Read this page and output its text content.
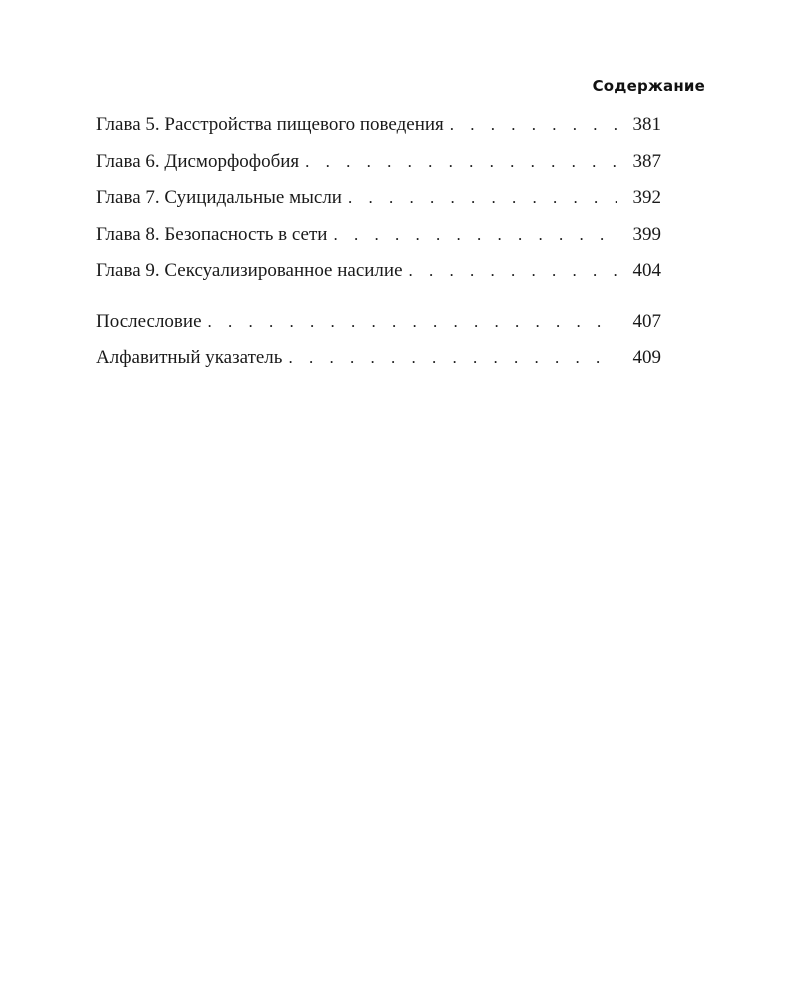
Содержание
Глава 5. Расстройства пищевого поведения . . .	381
Глава 6. Дисморфофобия . . .	387
Глава 7. Суицидальные мысли . . .	392
Глава 8. Безопасность в сети . . .	399
Глава 9. Сексуализированное насилие . . .	404
Послесловие . . .	407
Алфавитный указатель . . .	409
